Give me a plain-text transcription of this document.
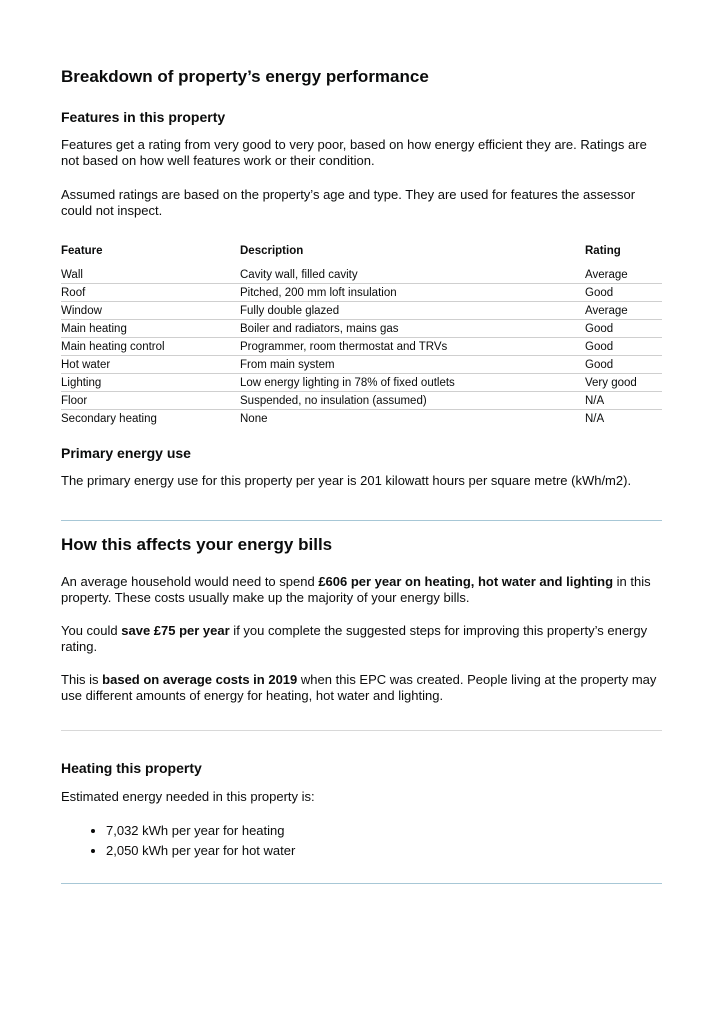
Breakdown of property’s energy performance
Features in this property

Features get a rating from very good to very poor, based on how energy efficient they are. Ratings are not based on how well features work or their condition.

Assumed ratings are based on the property’s age and type. They are used for features the assessor could not inspect.

Feature	Description	Rating
Wall	Cavity wall, filled cavity	Average
Roof	Pitched, 200 mm loft insulation	Good
Window	Fully double glazed	Average
Main heating	Boiler and radiators, mains gas	Good
Main heating control	Programmer, room thermostat and TRVs	Good
Hot water	From main system	Good
Lighting	Low energy lighting in 78% of fixed outlets	Very good
Floor	Suspended, no insulation (assumed)	N/A
Secondary heating	None	N/A
Primary energy use

The primary energy use for this property per year is 201 kilowatt hours per square metre (kWh/m2).

How this affects your energy bills

An average household would need to spend £606 per year on heating, hot water and lighting in this property. These costs usually make up the majority of your energy bills.

You could save £75 per year if you complete the suggested steps for improving this property’s energy rating.

This is based on average costs in 2019 when this EPC was created. People living at the property may use different amounts of energy for heating, hot water and lighting.

Heating this property

Estimated energy needed in this property is:

• 7,032 kWh per year for heating
• 2,050 kWh per year for hot water
